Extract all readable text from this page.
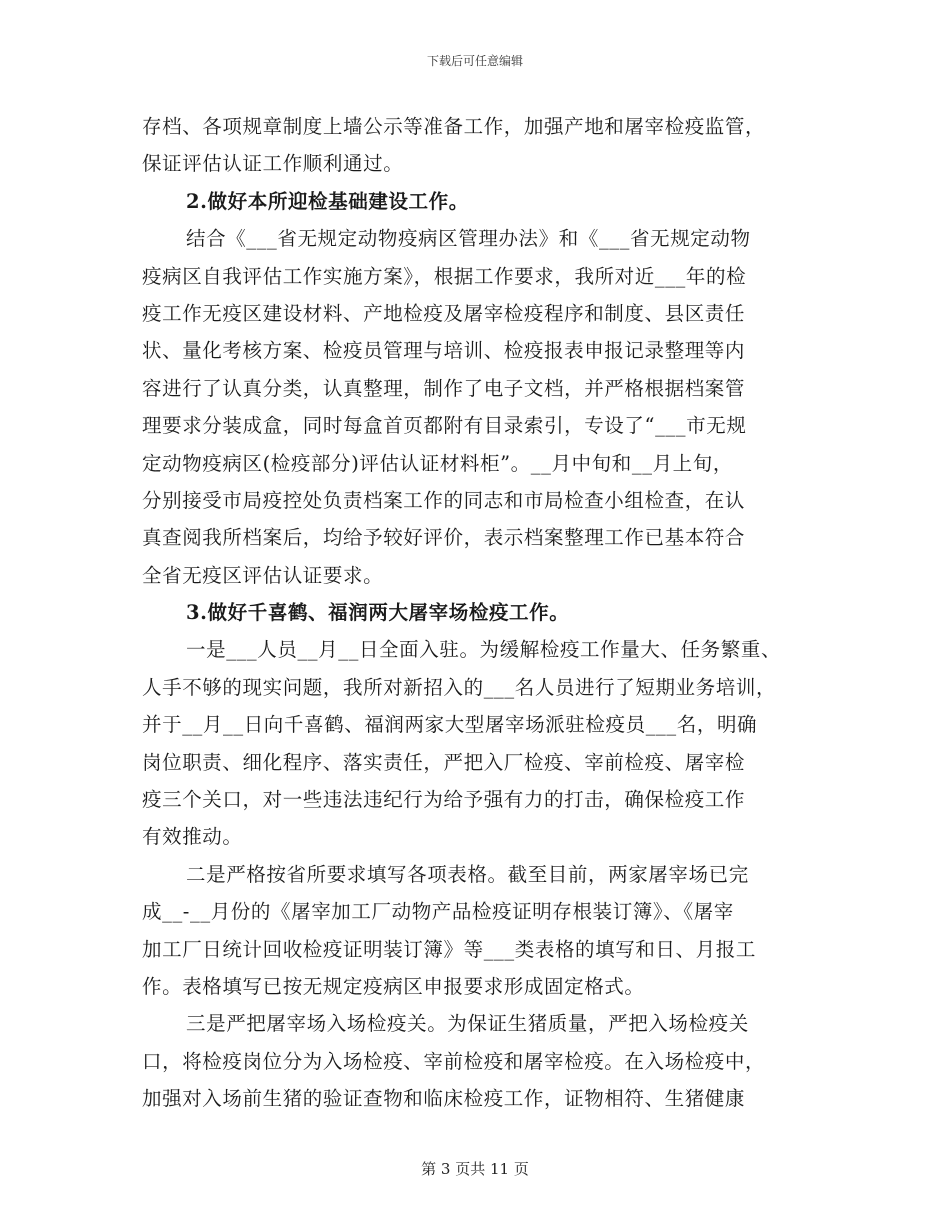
下载后可任意编辑
存档、各项规章制度上墙公示等准备工作，加强产地和屠宰检疫监管，
保证评估认证工作顺利通过。
2.做好本所迎检基础建设工作。
结合《___省无规定动物疫病区管理办法》和《___省无规定动物
疫病区自我评估工作实施方案》，根据工作要求，我所对近___年的检
疫工作无疫区建设材料、产地检疫及屠宰检疫程序和制度、县区责任
状、量化考核方案、检疫员管理与培训、检疫报表申报记录整理等内
容进行了认真分类，认真整理，制作了电子文档，并严格根据档案管
理要求分装成盒，同时每盒首页都附有目录索引，专设了“___市无规
定动物疫病区(检疫部分)评估认证材料柜”。__月中旬和__月上旬，
分别接受市局疫控处负责档案工作的同志和市局检查小组检查，在认
真查阅我所档案后，均给予较好评价，表示档案整理工作已基本符合
全省无疫区评估认证要求。
3.做好千喜鹤、福润两大屠宰场检疫工作。
一是___人员__月__日全面入驻。为缓解检疫工作量大、任务繁重、
人手不够的现实问题，我所对新招入的___名人员进行了短期业务培训，
并于__月__日向千喜鹤、福润两家大型屠宰场派驻检疫员___名，明确
岗位职责、细化程序、落实责任，严把入厂检疫、宰前检疫、屠宰检
疫三个关口，对一些违法违纪行为给予强有力的打击，确保检疫工作
有效推动。
二是严格按省所要求填写各项表格。截至目前，两家屠宰场已完
成__-__月份的《屠宰加工厂动物产品检疫证明存根装订簿》、《屠宰
加工厂日统计回收检疫证明装订簿》等___类表格的填写和日、月报工
作。表格填写已按无规定疫病区申报要求形成固定格式。
三是严把屠宰场入场检疫关。为保证生猪质量，严把入场检疫关
口，将检疫岗位分为入场检疫、宰前检疫和屠宰检疫。在入场检疫中，
加强对入场前生猪的验证查物和临床检疫工作，证物相符、生猪健康
第 3 页共 11 页
